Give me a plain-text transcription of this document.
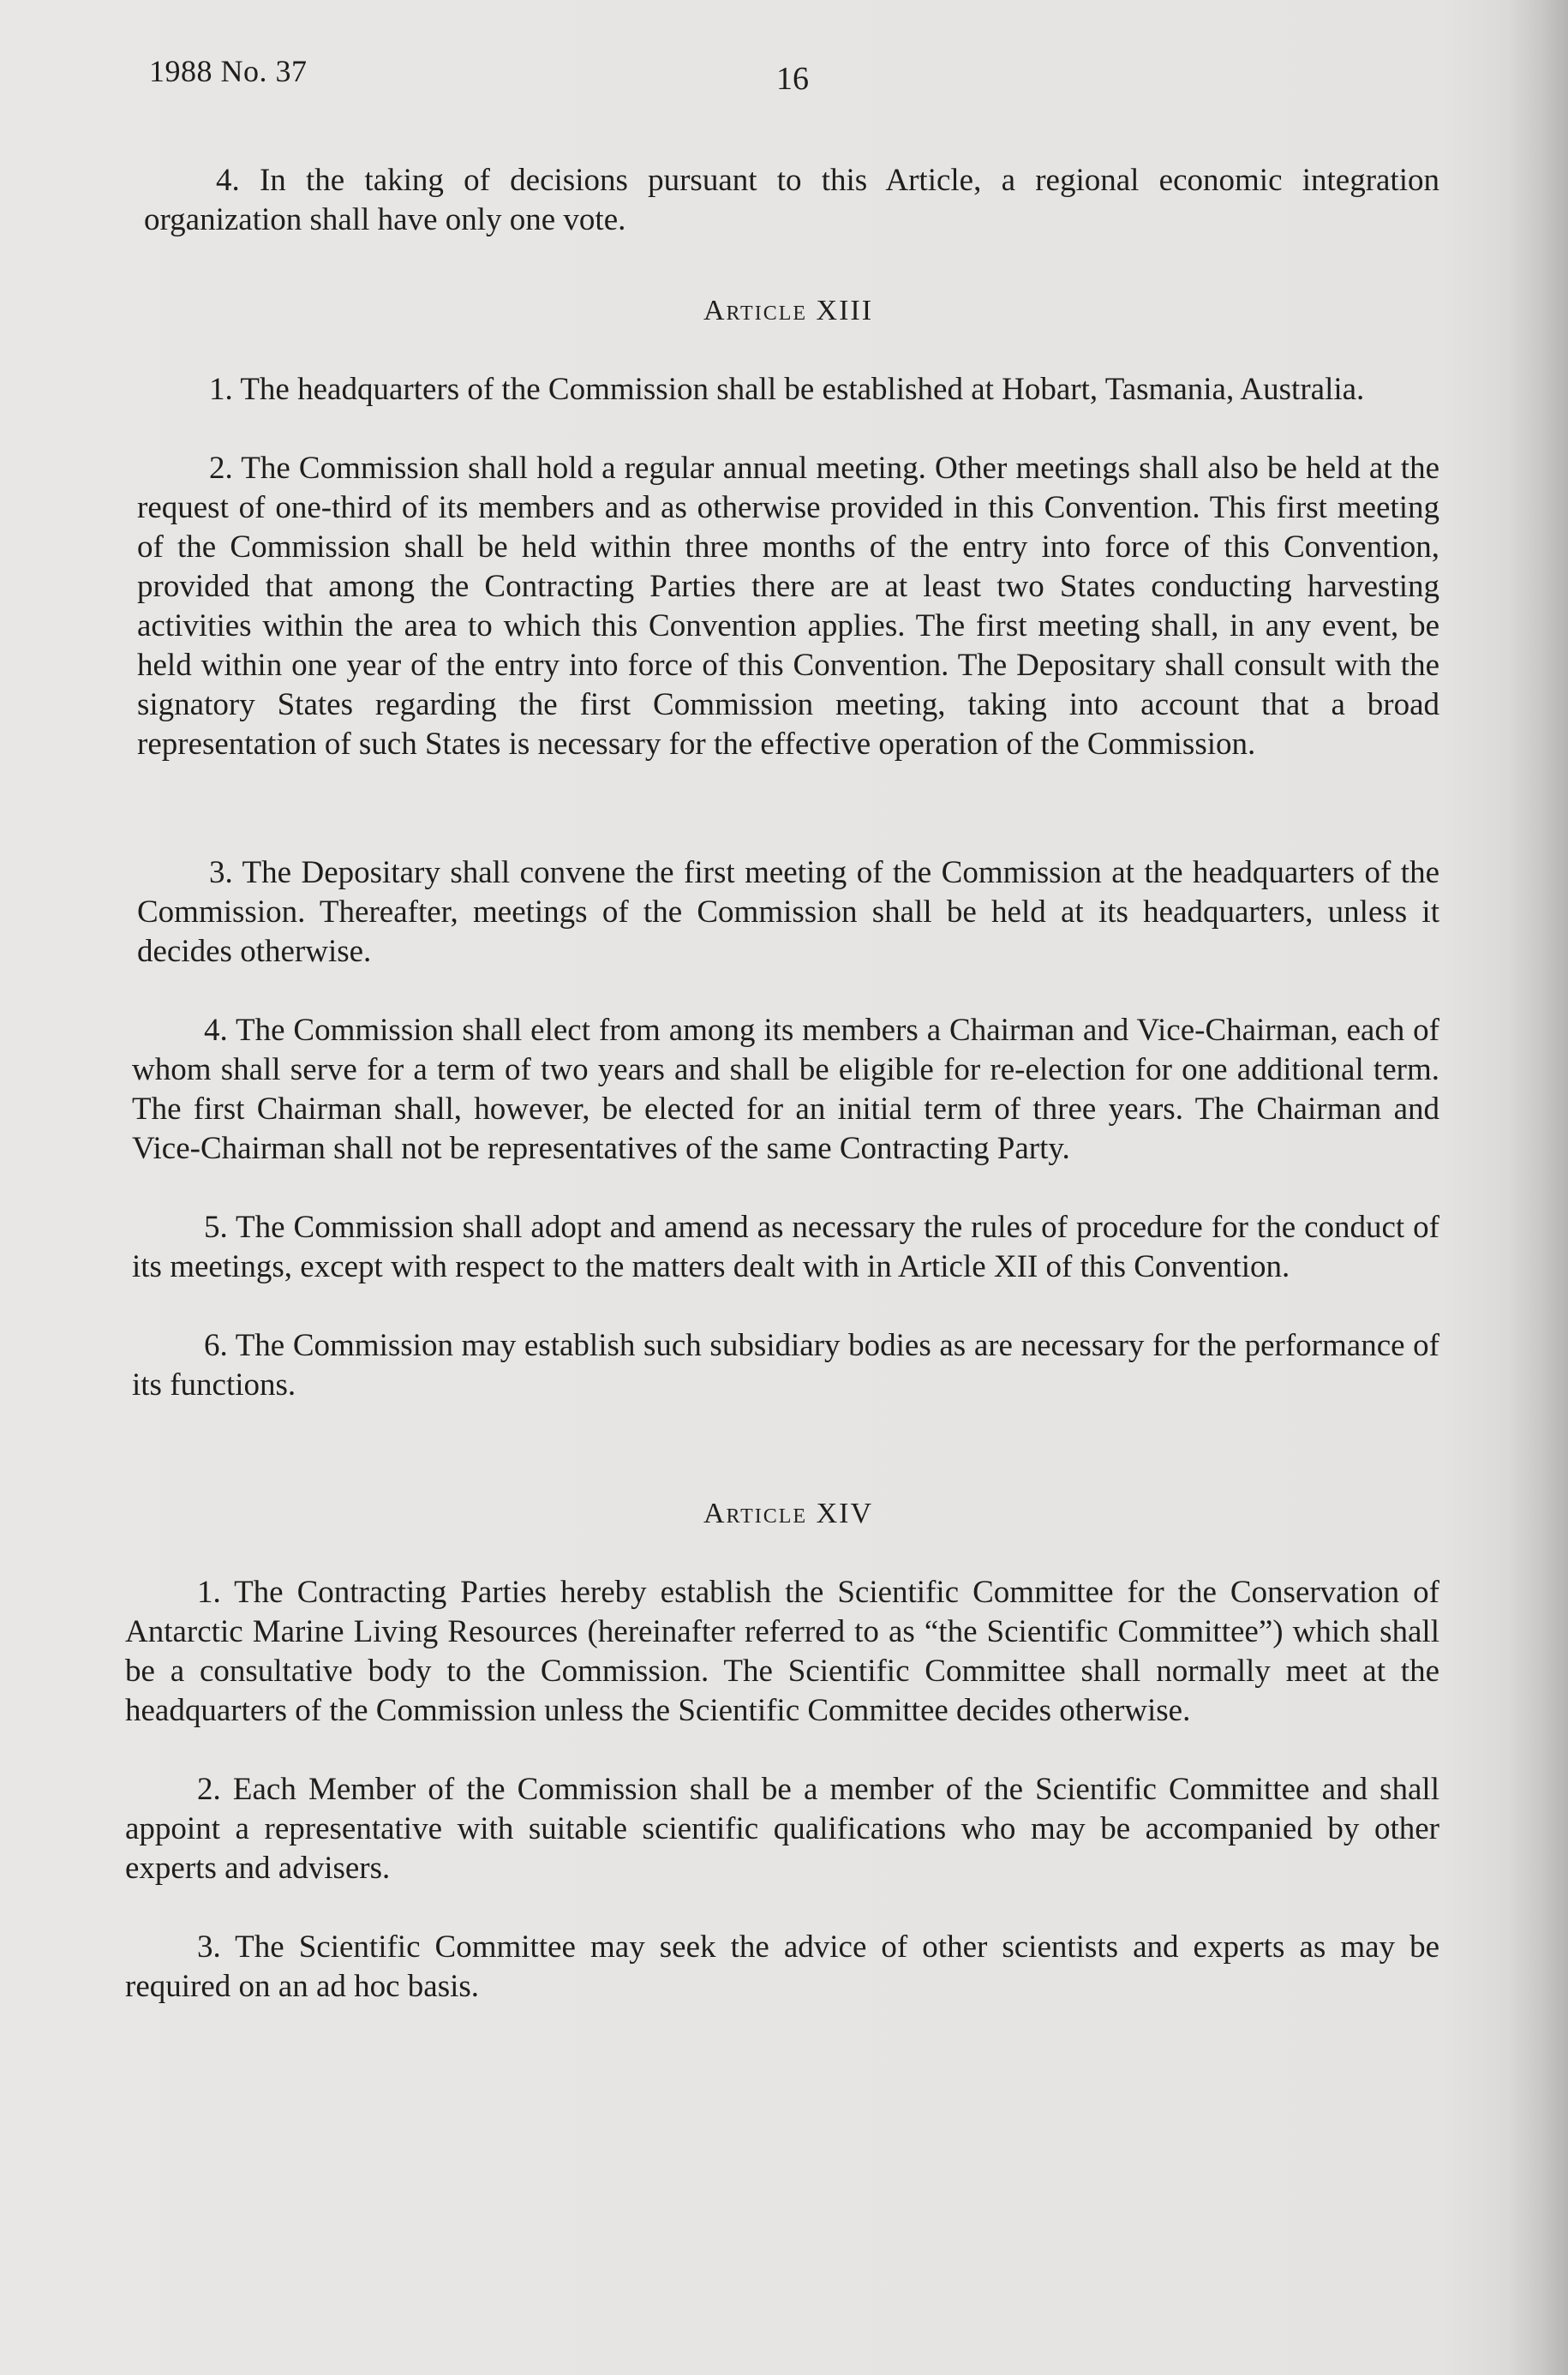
1988 No. 37	16

4. In the taking of decisions pursuant to this Article, a regional economic integration organization shall have only one vote.

Article XIII

1. The headquarters of the Commission shall be established at Hobart, Tasmania, Australia.

2. The Commission shall hold a regular annual meeting. Other meetings shall also be held at the request of one-third of its members and as otherwise provided in this Convention. This first meeting of the Commission shall be held within three months of the entry into force of this Convention, provided that among the Contracting Parties there are at least two States conducting harvesting activities within the area to which this Convention applies. The first meeting shall, in any event, be held within one year of the entry into force of this Convention. The Depositary shall consult with the signatory States regarding the first Commission meeting, taking into account that a broad representation of such States is necessary for the effective operation of the Commission.

3. The Depositary shall convene the first meeting of the Commission at the headquarters of the Commission. Thereafter, meetings of the Commission shall be held at its headquarters, unless it decides otherwise.

4. The Commission shall elect from among its members a Chairman and Vice-Chairman, each of whom shall serve for a term of two years and shall be eligible for re-election for one additional term. The first Chairman shall, however, be elected for an initial term of three years. The Chairman and Vice-Chairman shall not be representatives of the same Contracting Party.

5. The Commission shall adopt and amend as necessary the rules of procedure for the conduct of its meetings, except with respect to the matters dealt with in Article XII of this Convention.

6. The Commission may establish such subsidiary bodies as are necessary for the performance of its functions.

Article XIV

1. The Contracting Parties hereby establish the Scientific Committee for the Conservation of Antarctic Marine Living Resources (hereinafter referred to as “the Scientific Committee”) which shall be a consultative body to the Commission. The Scientific Committee shall normally meet at the headquarters of the Commission unless the Scientific Committee decides otherwise.

2. Each Member of the Commission shall be a member of the Scientific Committee and shall appoint a representative with suitable scientific qualifications who may be accompanied by other experts and advisers.

3. The Scientific Committee may seek the advice of other scientists and experts as may be required on an ad hoc basis.
